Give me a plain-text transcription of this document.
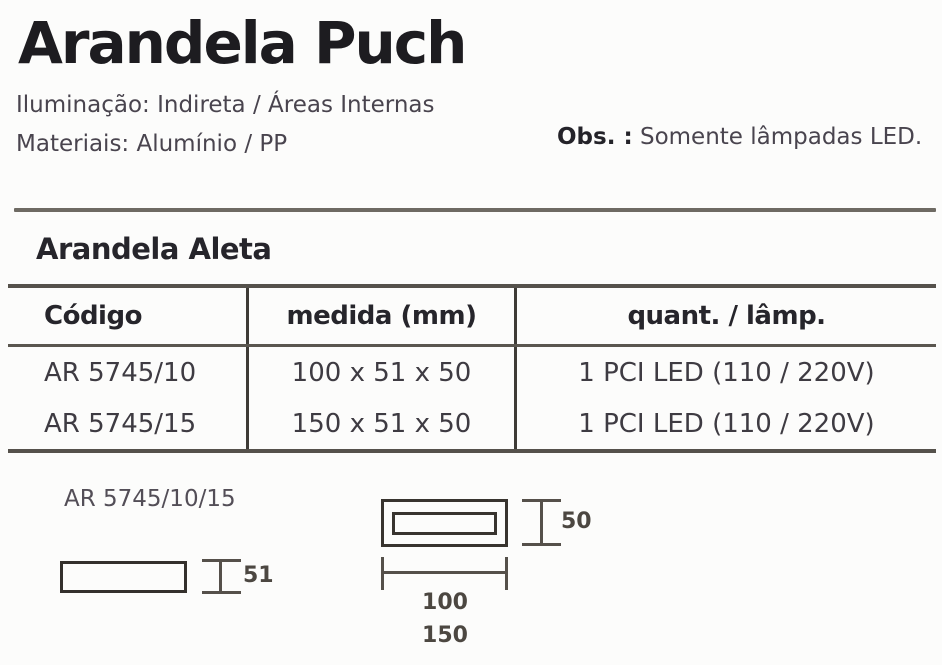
Arandela Puch
Iluminação: Indireta / Áreas Internas
Materiais: Alumínio / PP	Obs. : Somente lâmpadas LED.
Arandela Aleta
Código	medida (mm)	quant. / lâmp.
AR 5745/10	100 x 51 x 50	1 PCI LED (110 / 220V)
AR 5745/15	150 x 51 x 50	1 PCI LED (110 / 220V)
AR 5745/10/15
51
50
100
150
